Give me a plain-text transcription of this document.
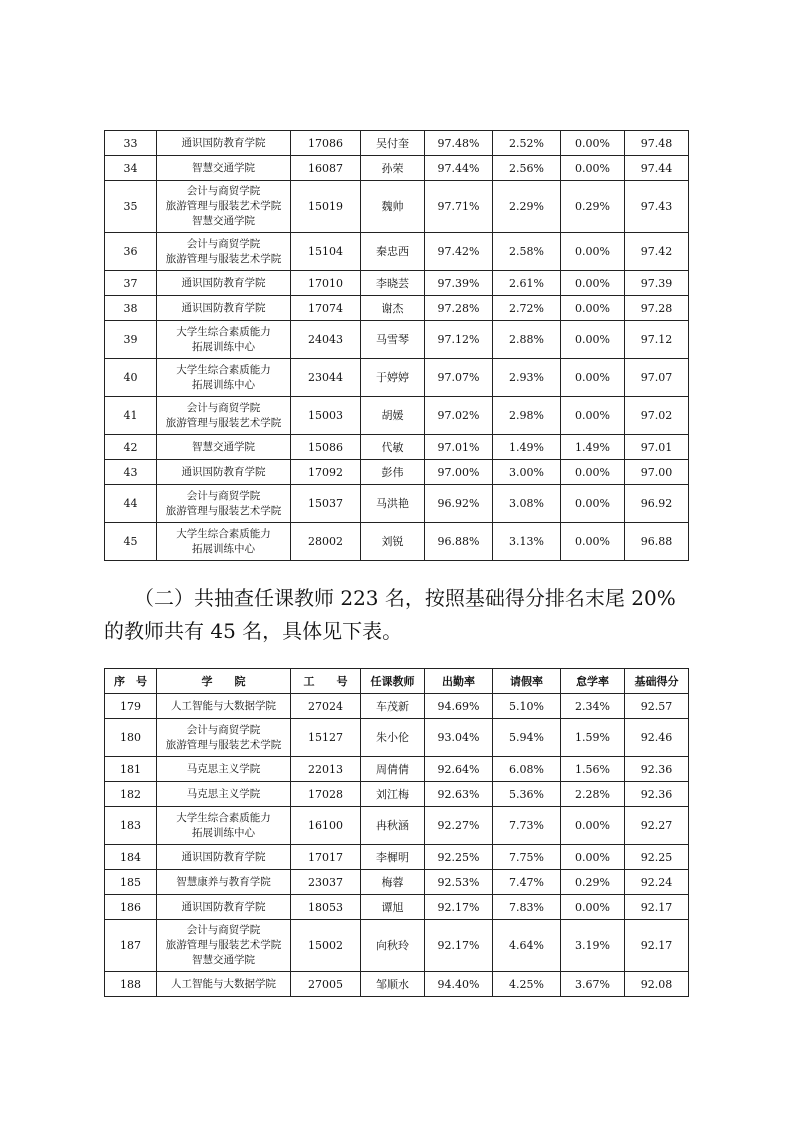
33	通识国防教育学院	17086	吴付奎	97.48%	2.52%	0.00%	97.48
34	智慧交通学院	16087	孙荣	97.44%	2.56%	0.00%	97.44
35	会计与商贸学院
旅游管理与服装艺术学院
智慧交通学院	15019	魏帅	97.71%	2.29%	0.29%	97.43
36	会计与商贸学院
旅游管理与服装艺术学院	15104	秦忠西	97.42%	2.58%	0.00%	97.42
37	通识国防教育学院	17010	李晓芸	97.39%	2.61%	0.00%	97.39
38	通识国防教育学院	17074	谢杰	97.28%	2.72%	0.00%	97.28
39	大学生综合素质能力
拓展训练中心	24043	马雪琴	97.12%	2.88%	0.00%	97.12
40	大学生综合素质能力
拓展训练中心	23044	于婷婷	97.07%	2.93%	0.00%	97.07
41	会计与商贸学院
旅游管理与服装艺术学院	15003	胡媛	97.02%	2.98%	0.00%	97.02
42	智慧交通学院	15086	代敏	97.01%	1.49%	1.49%	97.01
43	通识国防教育学院	17092	彭伟	97.00%	3.00%	0.00%	97.00
44	会计与商贸学院
旅游管理与服装艺术学院	15037	马洪艳	96.92%	3.08%	0.00%	96.92
45	大学生综合素质能力
拓展训练中心	28002	刘锐	96.88%	3.13%	0.00%	96.88

（二）共抽查任课教师 223 名，按照基础得分排名末尾 20%

的教师共有 45 名，具体见下表。

序　号	学　　院	工　　号	任课教师	出勤率	请假率	怠学率	基础得分
179	人工智能与大数据学院	27024	车茂新	94.69%	5.10%	2.34%	92.57
180	会计与商贸学院
旅游管理与服装艺术学院	15127	朱小伦	93.04%	5.94%	1.59%	92.46
181	马克思主义学院	22013	周倩倩	92.64%	6.08%	1.56%	92.36
182	马克思主义学院	17028	刘江梅	92.63%	5.36%	2.28%	92.36
183	大学生综合素质能力
拓展训练中心	16100	冉秋涵	92.27%	7.73%	0.00%	92.27
184	通识国防教育学院	17017	李樨明	92.25%	7.75%	0.00%	92.25
185	智慧康养与教育学院	23037	梅蓉	92.53%	7.47%	0.29%	92.24
186	通识国防教育学院	18053	谭旭	92.17%	7.83%	0.00%	92.17
187	会计与商贸学院
旅游管理与服装艺术学院
智慧交通学院	15002	向秋玲	92.17%	4.64%	3.19%	92.17
188	人工智能与大数据学院	27005	邹顺水	94.40%	4.25%	3.67%	92.08
